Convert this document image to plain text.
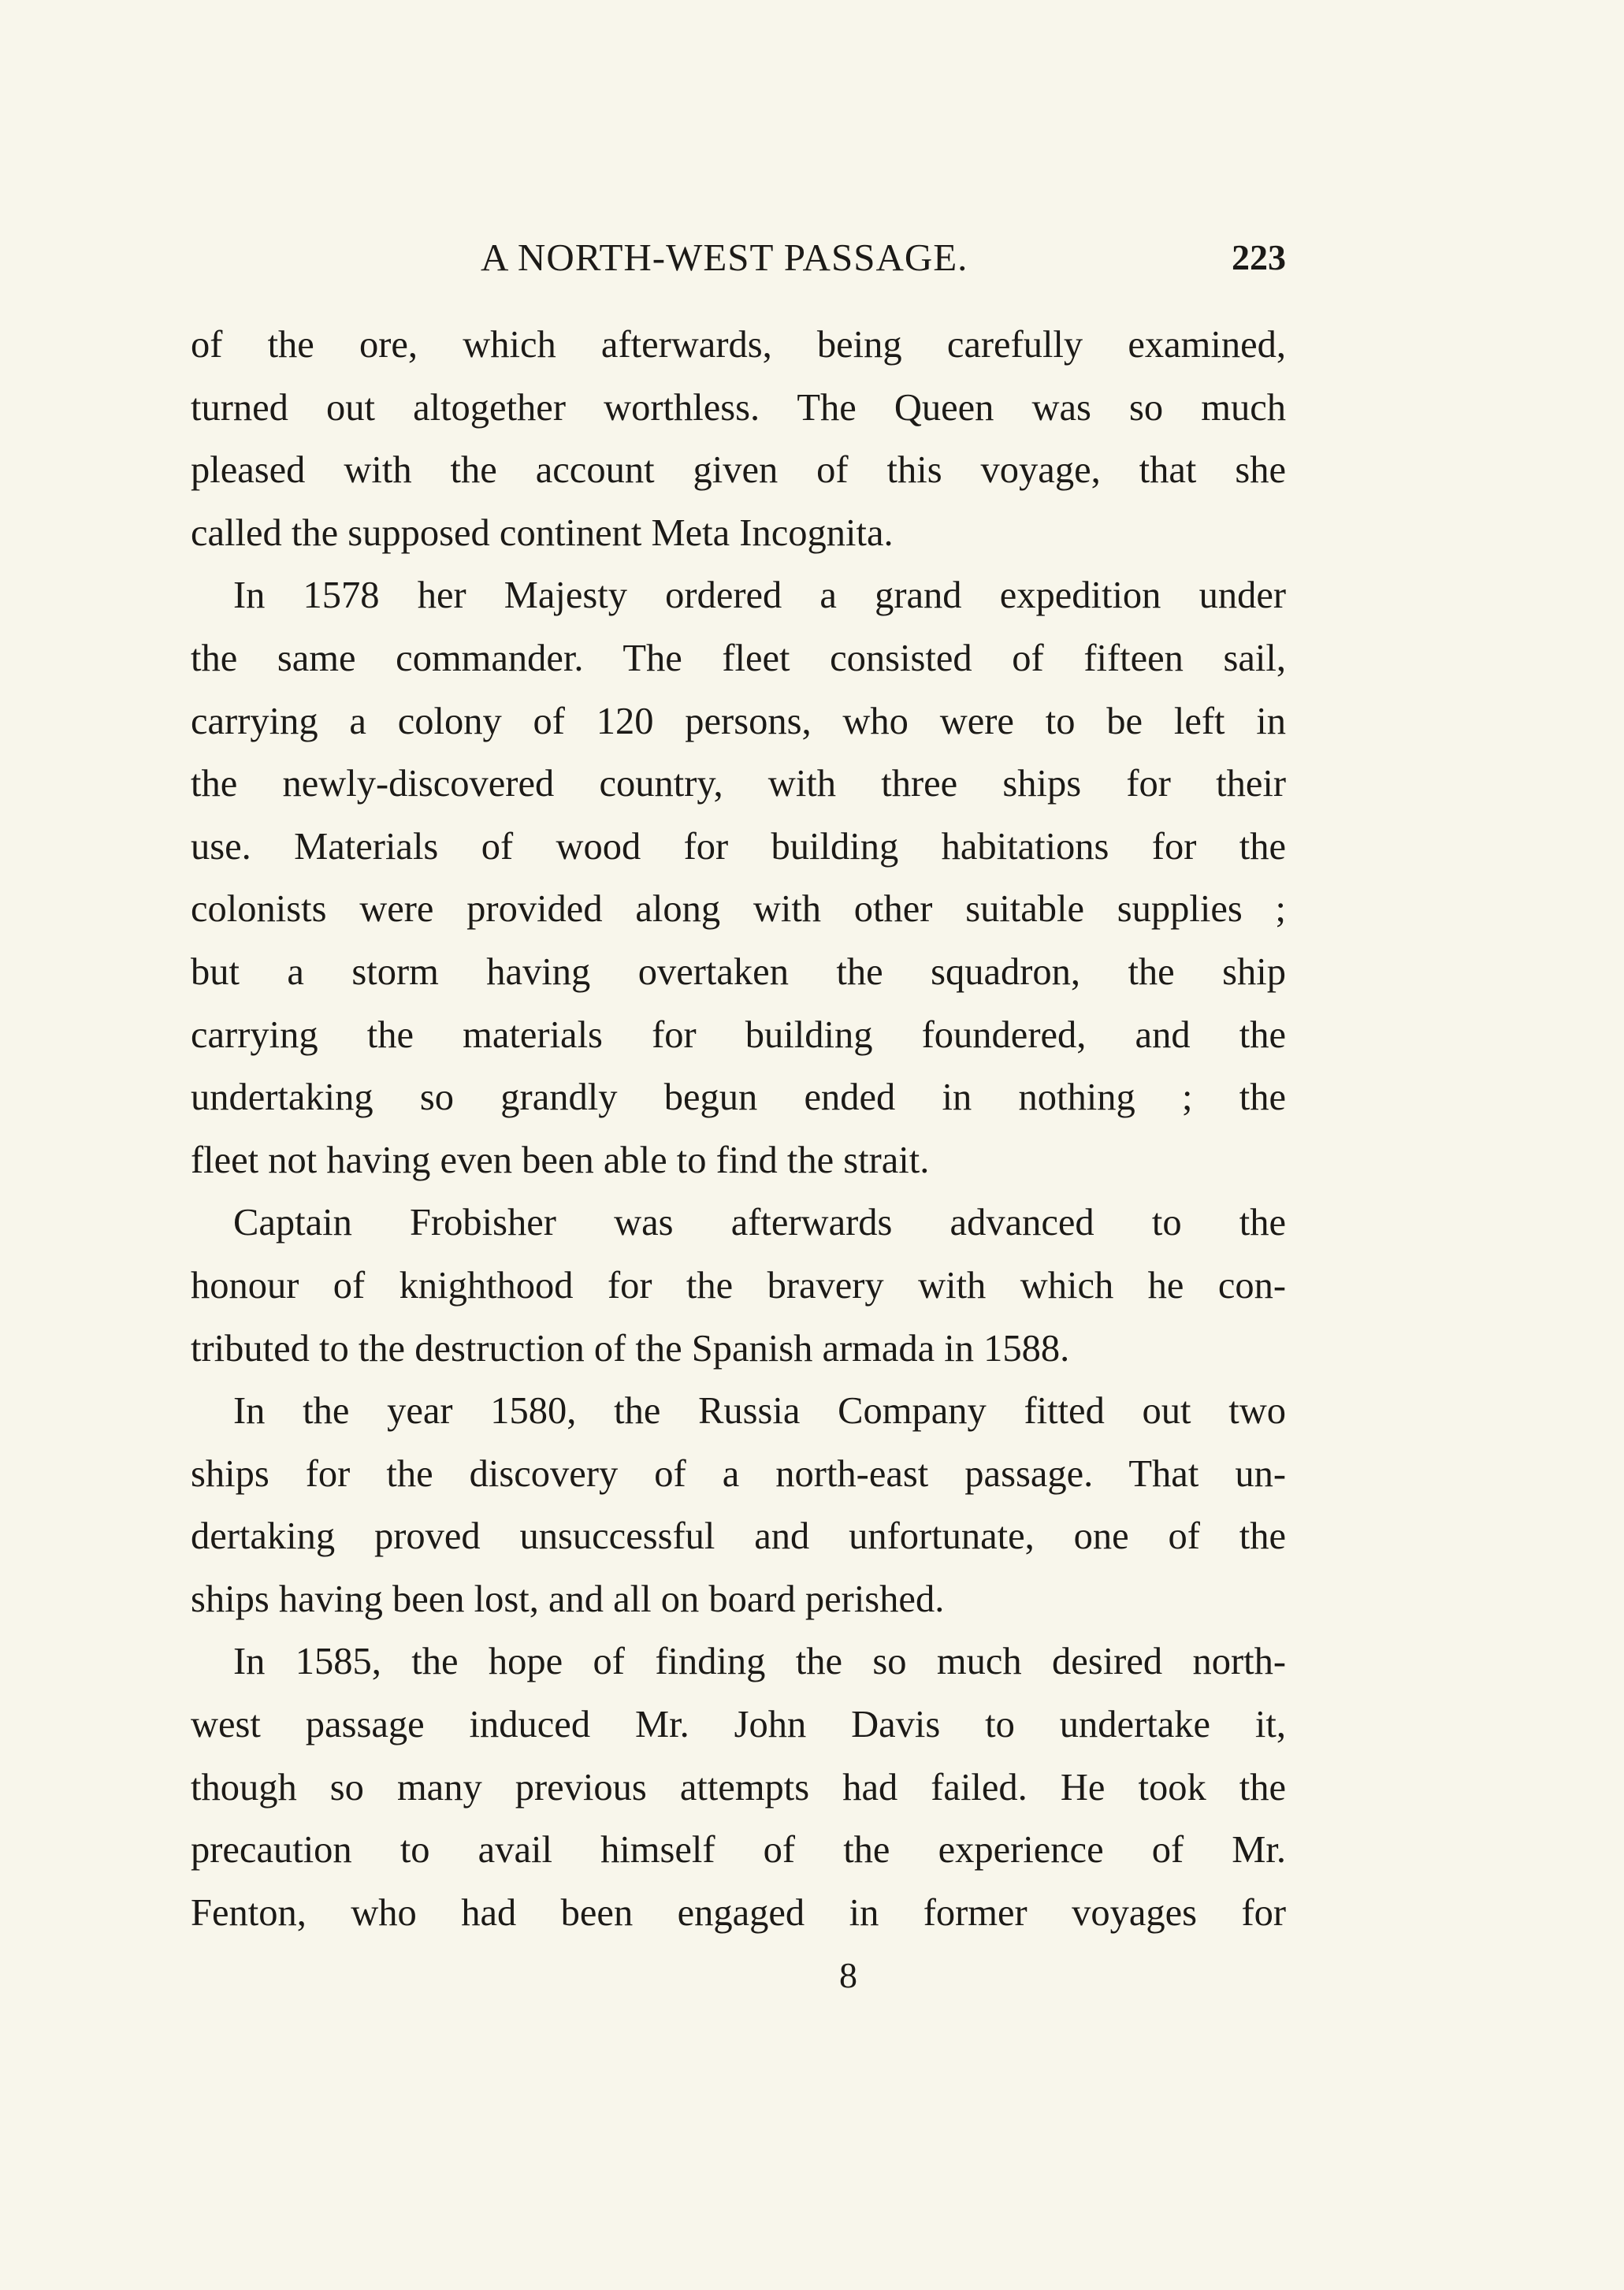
A NORTH-WEST PASSAGE.	223
of the ore, which afterwards, being carefully examined,
turned out altogether worthless. The Queen was so much
pleased with the account given of this voyage, that she
called the supposed continent Meta Incognita.
In 1578 her Majesty ordered a grand expedition under
the same commander. The fleet consisted of fifteen sail,
carrying a colony of 120 persons, who were to be left in
the newly-discovered country, with three ships for their
use. Materials of wood for building habitations for the
colonists were provided along with other suitable supplies ;
but a storm having overtaken the squadron, the ship
carrying the materials for building foundered, and the
undertaking so grandly begun ended in nothing ; the
fleet not having even been able to find the strait.
Captain Frobisher was afterwards advanced to the
honour of knighthood for the bravery with which he con-
tributed to the destruction of the Spanish armada in 1588.
In the year 1580, the Russia Company fitted out two
ships for the discovery of a north-east passage. That un-
dertaking proved unsuccessful and unfortunate, one of the
ships having been lost, and all on board perished.
In 1585, the hope of finding the so much desired north-
west passage induced Mr. John Davis to undertake it,
though so many previous attempts had failed. He took the
precaution to avail himself of the experience of Mr.
Fenton, who had been engaged in former voyages for
8
